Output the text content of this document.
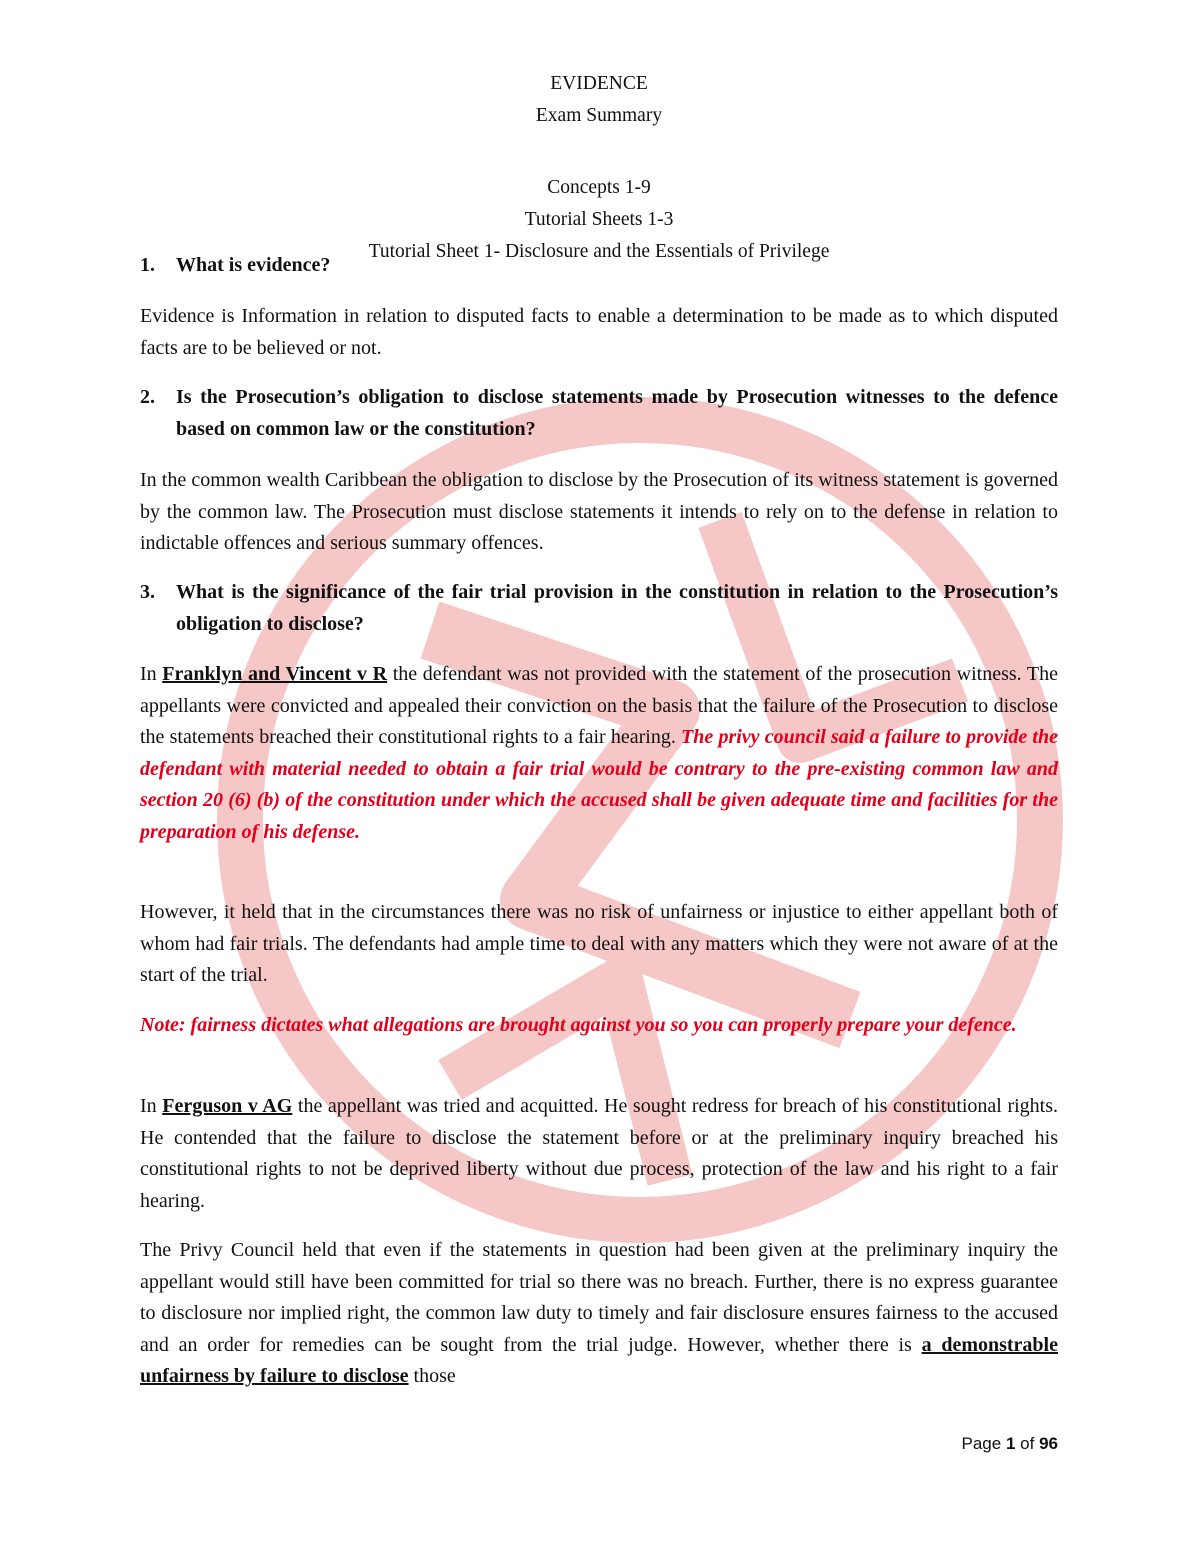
EVIDENCE
Exam Summary
Concepts 1-9
Tutorial Sheets 1-3
Tutorial Sheet 1- Disclosure and the Essentials of Privilege
1.	What is evidence?

Evidence is Information in relation to disputed facts to enable a determination to be made as to which disputed facts are to be believed or not.

2.	Is the Prosecution’s obligation to disclose statements made by Prosecution witnesses to the defence based on common law or the constitution?

In the common wealth Caribbean the obligation to disclose by the Prosecution of its witness statement is governed by the common law. The Prosecution must disclose statements it intends to rely on to the defense in relation to indictable offences and serious summary offences.

3.	What is the significance of the fair trial provision in the constitution in relation to the Prosecution’s obligation to disclose?

In Franklyn and Vincent v R the defendant was not provided with the statement of the prosecution witness. The appellants were convicted and appealed their conviction on the basis that the failure of the Prosecution to disclose the statements breached their constitutional rights to a fair hearing. The privy council said a failure to provide the defendant with material needed to obtain a fair trial would be contrary to the pre-existing common law and section 20 (6) (b) of the constitution under which the accused shall be given adequate time and facilities for the preparation of his defense.

However, it held that in the circumstances there was no risk of unfairness or injustice to either appellant both of whom had fair trials. The defendants had ample time to deal with any matters which they were not aware of at the start of the trial.

Note: fairness dictates what allegations are brought against you so you can properly prepare your defence.

In Ferguson v AG the appellant was tried and acquitted. He sought redress for breach of his constitutional rights. He contended that the failure to disclose the statement before or at the preliminary inquiry breached his constitutional rights to not be deprived liberty without due process, protection of the law and his right to a fair hearing.

The Privy Council held that even if the statements in question had been given at the preliminary inquiry the appellant would still have been committed for trial so there was no breach. Further, there is no express guarantee to disclosure nor implied right, the common law duty to timely and fair disclosure ensures fairness to the accused and an order for remedies can be sought from the trial judge. However, whether there is a demonstrable unfairness by failure to disclose those

Page 1 of 96
